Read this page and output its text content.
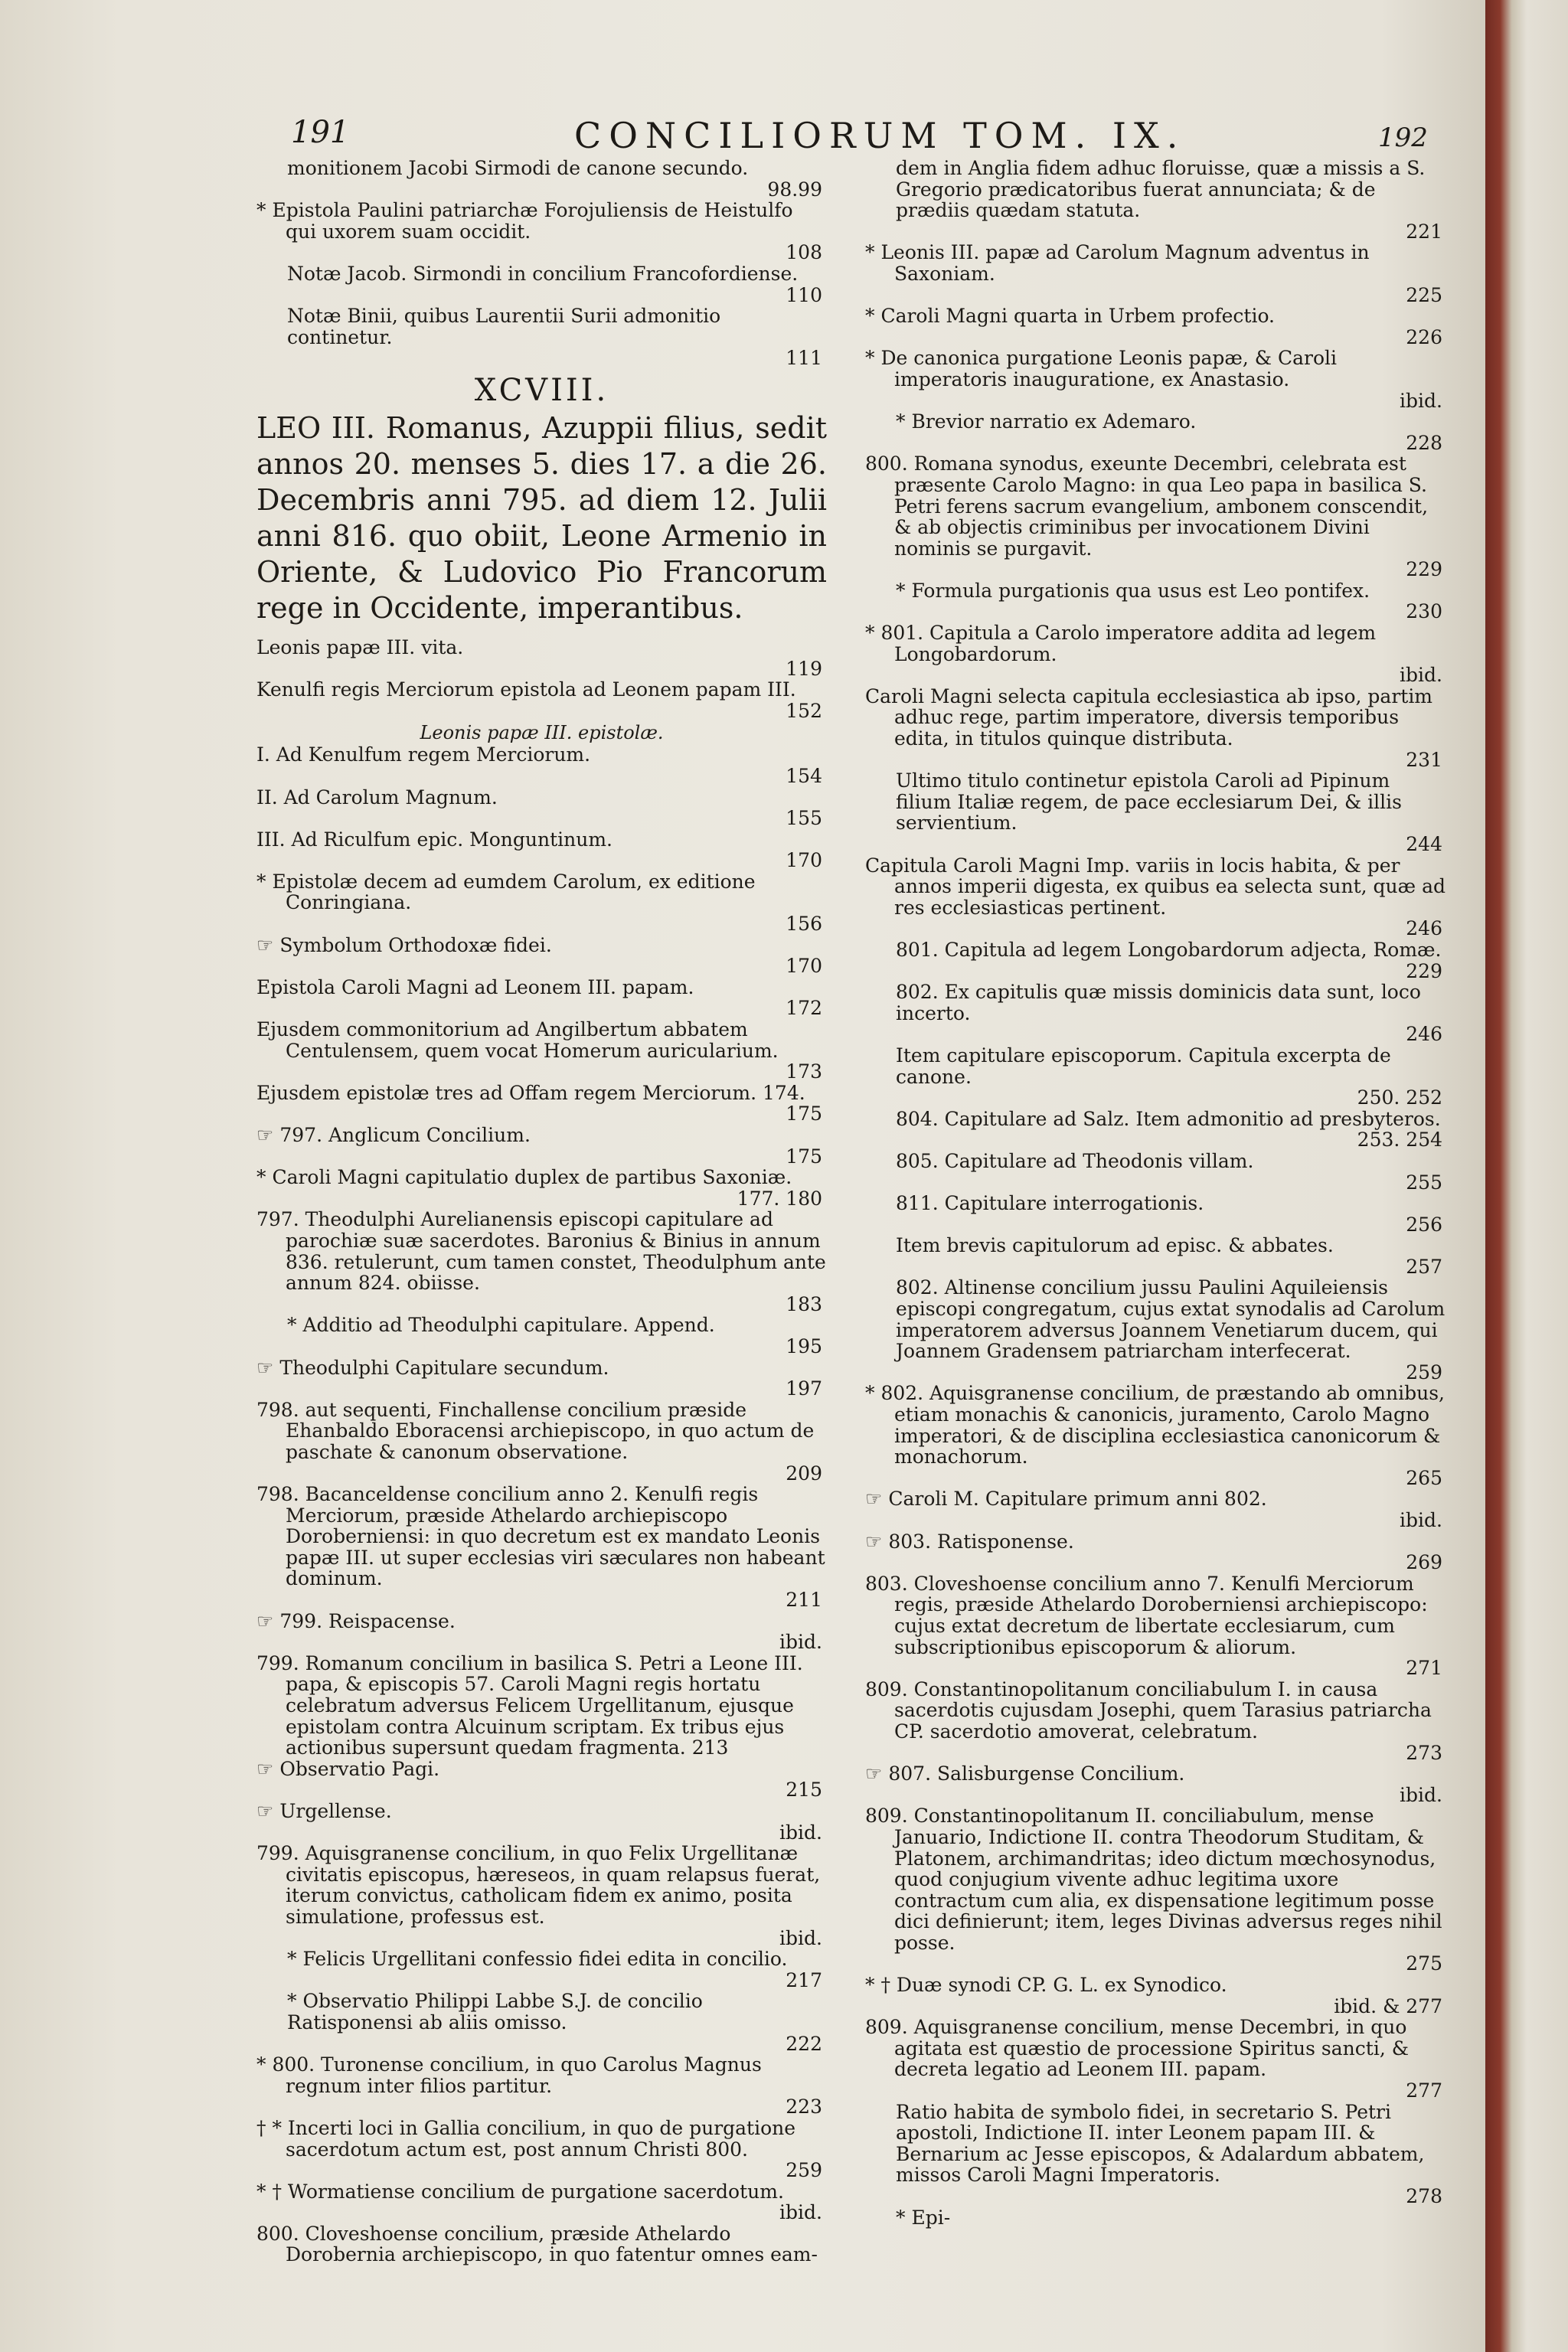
191	CONCILIORUM TOM. IX.	192
monitionem Jacobi Sirmodi de canone secundo.
98.99
* Epistola Paulini patriarchæ Forojuliensis de Heistulfo qui uxorem suam occidit.
108
Notæ Jacob. Sirmondi in concilium Francofordiense.
110
Notæ Binii, quibus Laurentii Surii admonitio continetur.
111
XCVIII.
LEO III. Romanus, Azuppii filius, sedit annos 20. menses 5. dies 17. a die 26. Decembris anni 795. ad diem 12. Julii anni 816. quo obiit, Leone Armenio in Oriente, & Ludovico Pio Francorum rege in Occidente, imperantibus.
Leonis papæ III. vita.
119
Kenulfi regis Merciorum epistola ad Leonem papam III.
152
Leonis papæ III. epistolæ.
I. Ad Kenulfum regem Merciorum.
154
II. Ad Carolum Magnum.
155
III. Ad Riculfum epic. Monguntinum.
170
* Epistolæ decem ad eumdem Carolum, ex editione Conringiana.
156
☞ Symbolum Orthodoxæ fidei.
170
Epistola Caroli Magni ad Leonem III. papam.
172
Ejusdem commonitorium ad Angilbertum abbatem Centulensem, quem vocat Homerum auricularium.
173
Ejusdem epistolæ tres ad Offam regem Merciorum. 174.
175
☞ 797. Anglicum Concilium.
175
* Caroli Magni capitulatio duplex de partibus Saxoniæ.
177. 180
797. Theodulphi Aurelianensis episcopi capitulare ad parochiæ suæ sacerdotes. Baronius & Binius in annum 836. retulerunt, cum tamen constet, Theodulphum ante annum 824. obiisse.
183
* Additio ad Theodulphi capitulare. Append.
195
☞ Theodulphi Capitulare secundum.
197
798. aut sequenti, Finchallense concilium præside Ehanbaldo Eboracensi archiepiscopo, in quo actum de paschate & canonum observatione.
209
798. Bacanceldense concilium anno 2. Kenulfi regis Merciorum, præside Athelardo archiepiscopo Doroberniensi: in quo decretum est ex mandato Leonis papæ III. ut super ecclesias viri sæculares non habeant dominum.
211
☞ 799. Reispacense.
ibid.
799. Romanum concilium in basilica S. Petri a Leone III. papa, & episcopis 57. Caroli Magni regis hortatu celebratum adversus Felicem Urgellitanum, ejusque epistolam contra Alcuinum scriptam. Ex tribus ejus actionibus supersunt quedam fragmenta. 213
☞ Observatio Pagi.
215
☞ Urgellense.
ibid.
799. Aquisgranense concilium, in quo Felix Urgellitanæ civitatis episcopus, hæreseos, in quam relapsus fuerat, iterum convictus, catholicam fidem ex animo, posita simulatione, professus est.
ibid.
* Felicis Urgellitani confessio fidei edita in concilio.
217
* Observatio Philippi Labbe S.J. de concilio Ratisponensi ab aliis omisso.
222
* 800. Turonense concilium, in quo Carolus Magnus regnum inter filios partitur.
223
† * Incerti loci in Gallia concilium, in quo de purgatione sacerdotum actum est, post annum Christi 800.
259
* † Wormatiense concilium de purgatione sacerdotum.
ibid.
800. Cloveshoense concilium, præside Athelardo Dorobernia archiepiscopo, in quo fatentur omnes eam-
dem in Anglia fidem adhuc floruisse, quæ a missis a S. Gregorio prædicatoribus fuerat annunciata; & de prædiis quædam statuta.
221
* Leonis III. papæ ad Carolum Magnum adventus in Saxoniam.
225
* Caroli Magni quarta in Urbem profectio.
226
* De canonica purgatione Leonis papæ, & Caroli imperatoris inauguratione, ex Anastasio.
ibid.
* Brevior narratio ex Ademaro.
228
800. Romana synodus, exeunte Decembri, celebrata est præsente Carolo Magno: in qua Leo papa in basilica S. Petri ferens sacrum evangelium, ambonem conscendit, & ab objectis criminibus per invocationem Divini nominis se purgavit.
229
* Formula purgationis qua usus est Leo pontifex.
230
* 801. Capitula a Carolo imperatore addita ad legem Longobardorum.
ibid.
Caroli Magni selecta capitula ecclesiastica ab ipso, partim adhuc rege, partim imperatore, diversis temporibus edita, in titulos quinque distributa.
231
Ultimo titulo continetur epistola Caroli ad Pipinum filium Italiæ regem, de pace ecclesiarum Dei, & illis servientium.
244
Capitula Caroli Magni Imp. variis in locis habita, & per annos imperii digesta, ex quibus ea selecta sunt, quæ ad res ecclesiasticas pertinent.
246
801. Capitula ad legem Longobardorum adjecta, Romæ.
229
802. Ex capitulis quæ missis dominicis data sunt, loco incerto.
246
Item capitulare episcoporum. Capitula excerpta de canone.
250. 252
804. Capitulare ad Salz. Item admonitio ad presbyteros.
253. 254
805. Capitulare ad Theodonis villam.
255
811. Capitulare interrogationis.
256
Item brevis capitulorum ad episc. & abbates.
257
802. Altinense concilium jussu Paulini Aquileiensis episcopi congregatum, cujus extat synodalis ad Carolum imperatorem adversus Joannem Venetiarum ducem, qui Joannem Gradensem patriarcham interfecerat.
259
* 802. Aquisgranense concilium, de præstando ab omnibus, etiam monachis & canonicis, juramento, Carolo Magno imperatori, & de disciplina ecclesiastica canonicorum & monachorum.
265
☞ Caroli M. Capitulare primum anni 802.
ibid.
☞ 803. Ratisponense.
269
803. Cloveshoense concilium anno 7. Kenulfi Merciorum regis, præside Athelardo Doroberniensi archiepiscopo: cujus extat decretum de libertate ecclesiarum, cum subscriptionibus episcoporum & aliorum.
271
809. Constantinopolitanum conciliabulum I. in causa sacerdotis cujusdam Josephi, quem Tarasius patriarcha CP. sacerdotio amoverat, celebratum.
273
☞ 807. Salisburgense Concilium.
ibid.
809. Constantinopolitanum II. conciliabulum, mense Januario, Indictione II. contra Theodorum Studitam, & Platonem, archimandritas; ideo dictum mœchosynodus, quod conjugium vivente adhuc legitima uxore contractum cum alia, ex dispensatione legitimum posse dici definierunt; item, leges Divinas adversus reges nihil posse.
275
* † Duæ synodi CP. G. L. ex Synodico.
ibid. & 277
809. Aquisgranense concilium, mense Decembri, in quo agitata est quæstio de processione Spiritus sancti, & decreta legatio ad Leonem III. papam.
277
Ratio habita de symbolo fidei, in secretario S. Petri apostoli, Indictione II. inter Leonem papam III. & Bernarium ac Jesse episcopos, & Adalardum abbatem, missos Caroli Magni Imperatoris.
278
* Epi-
